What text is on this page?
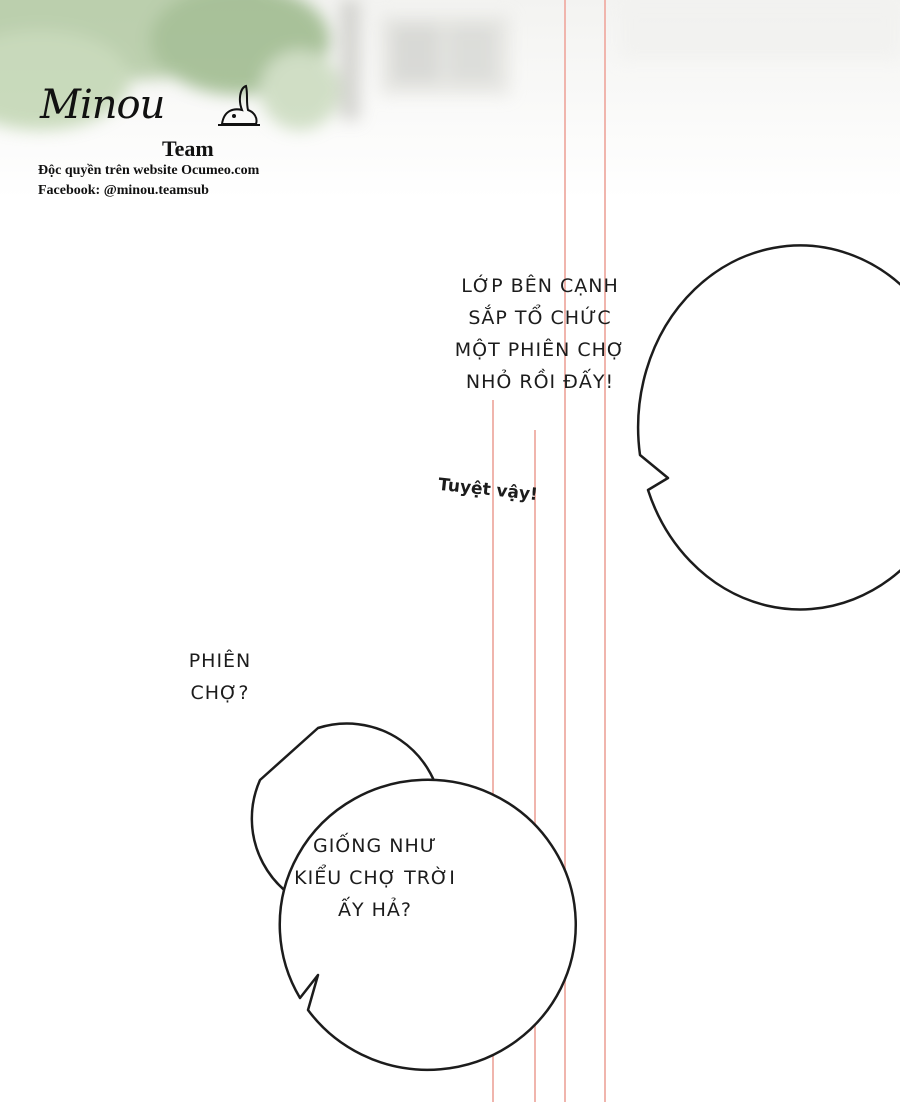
LỚP BÊN CẠNH
SẮP TỔ CHỨC
MỘT PHIÊN CHỢ
NHỎ RỒI ĐẤY!
PHIÊN
CHỢ?
GIỐNG NHƯ
KIỂU CHỢ TRỜI
ẤY HẢ?
Tuyệt vậy!
Minou
Team
Độc quyền trên website Ocumeo.com
Facebook: @minou.teamsub
